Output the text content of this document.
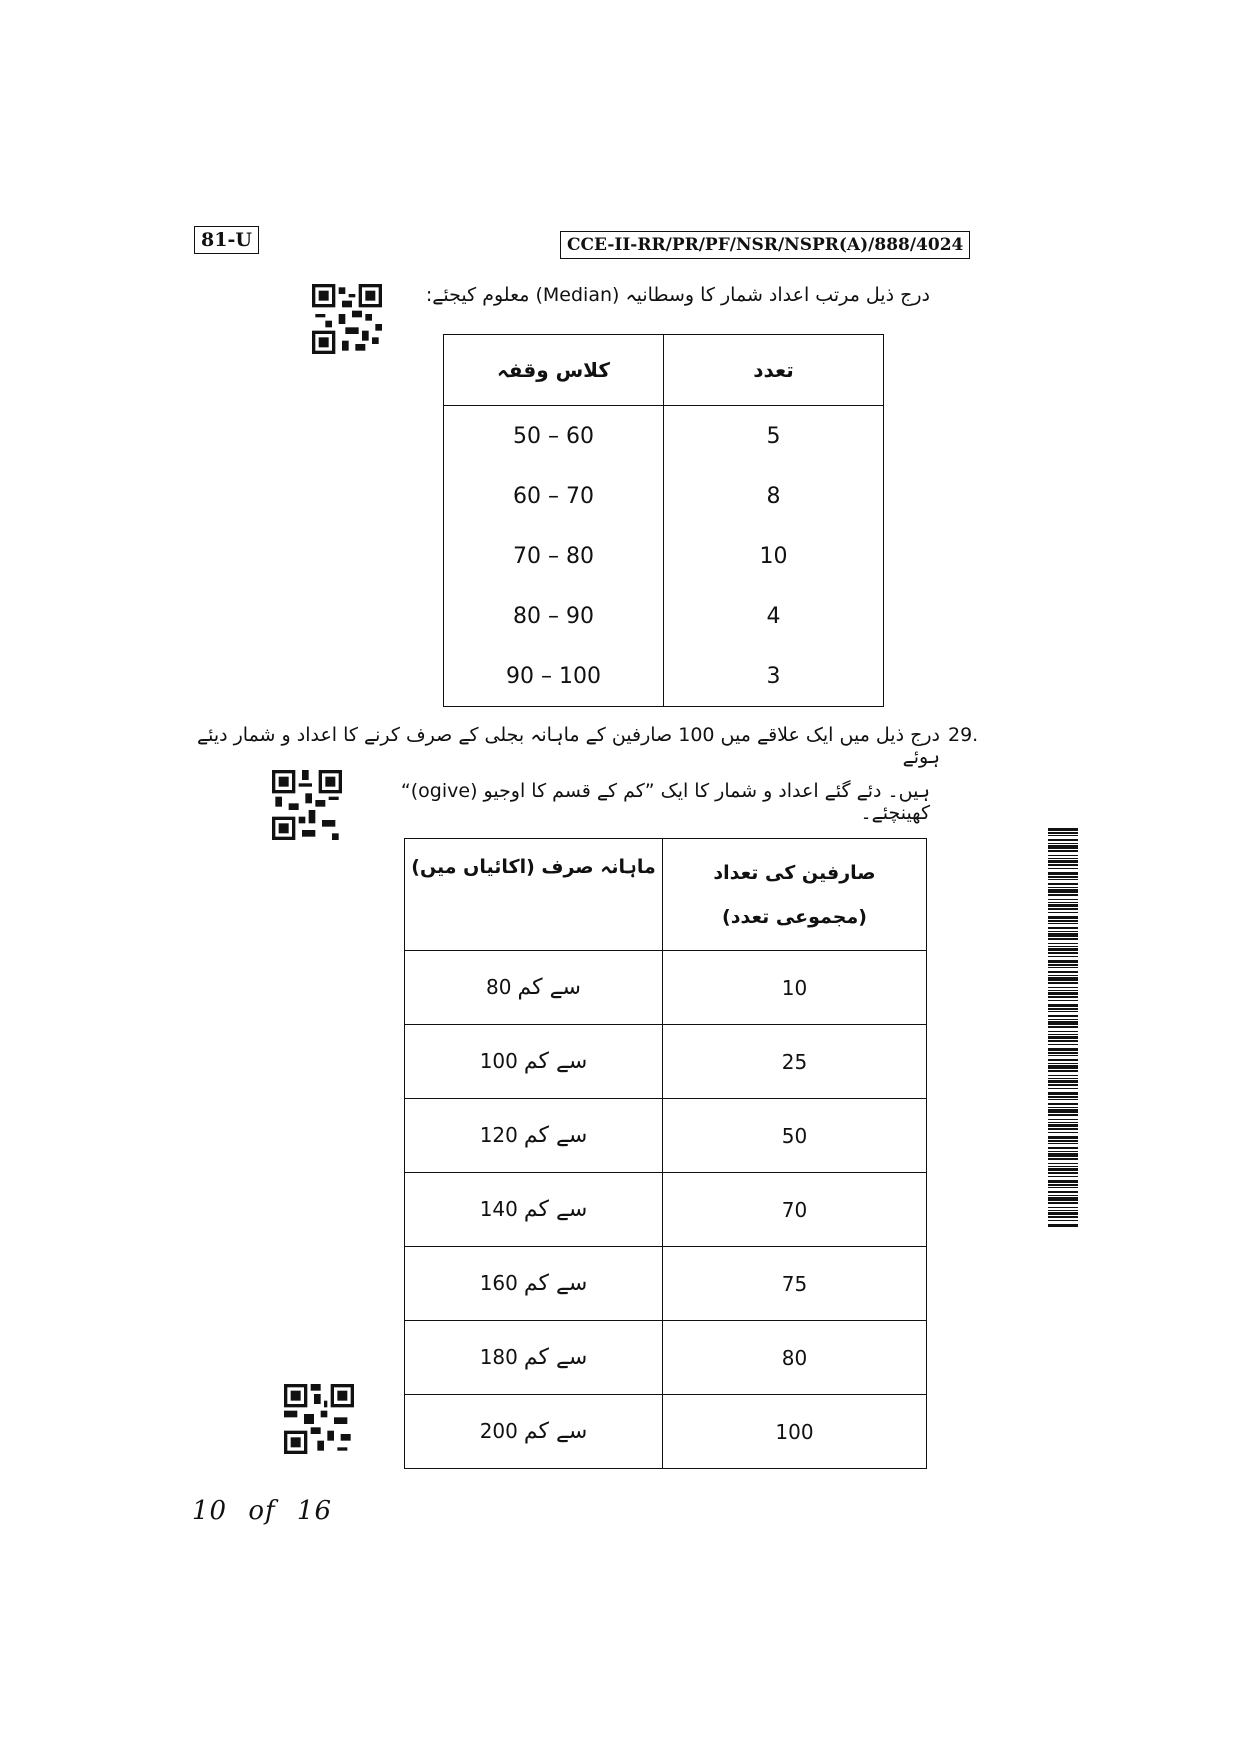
81-U	CCE-II-RR/PR/PF/NSR/NSPR(A)/888/4024
درج ذیل مرتب اعداد شمار کا وسطانیہ (Median) معلوم کیجئے:
کلاس وقفہ	تعدد
50 – 60	5
60 – 70	8
70 – 80	10
80 – 90	4
90 – 100	3
29.
درج ذیل میں ایک علاقے میں 100 صارفین کے ماہانہ بجلی کے صرف کرنے کا اعداد و شمار دیئے ہوئے
ہیں۔ دئے گئے اعداد و شمار کا ایک ”کم کے قسم کا اوجیو (ogive)“ کھینچئے۔
ماہانہ صرف (اکائیاں میں)	صارفین کی تعداد
(مجموعی تعدد)

80 سے کم	10
100 سے کم	25
120 سے کم	50
140 سے کم	70
160 سے کم	75
180 سے کم	80
200 سے کم	100
10 of 16
